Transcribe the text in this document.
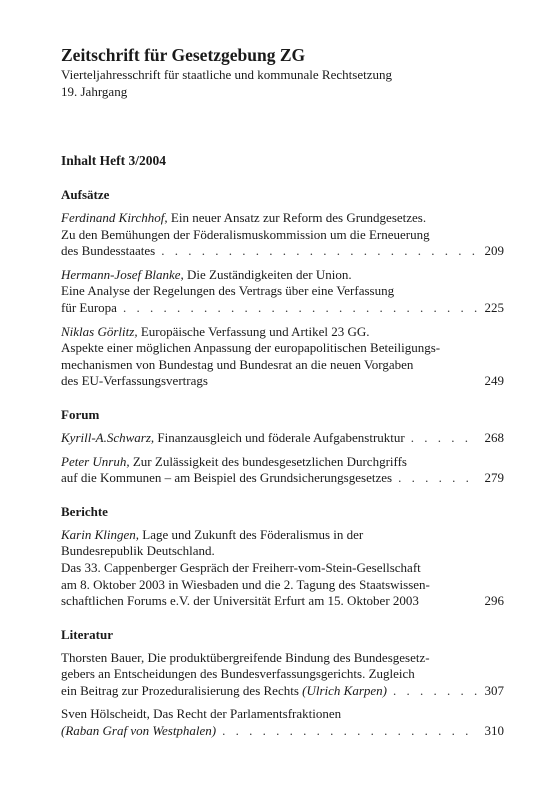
Zeitschrift für Gesetzgebung ZG
Vierteljahresschrift für staatliche und kommunale Rechtsetzung
19. Jahrgang
Inhalt Heft 3/2004
Aufsätze
Ferdinand Kirchhof, Ein neuer Ansatz zur Reform des Grundgesetzes.
Zu den Bemühungen der Föderalismuskommission um die Erneuerung
des Bundesstaates . . .	209
Hermann-Josef Blanke, Die Zuständigkeiten der Union.
Eine Analyse der Regelungen des Vertrags über eine Verfassung
für Europa . . .	225
Niklas Görlitz, Europäische Verfassung und Artikel 23 GG.
Aspekte einer möglichen Anpassung der europapolitischen Beteiligungs-
mechanismen von Bundestag und Bundesrat an die neuen Vorgaben
des EU-Verfassungsvertrags	249
Forum
Kyrill-A.Schwarz, Finanzausgleich und föderale Aufgabenstruktur . . .	268
Peter Unruh, Zur Zulässigkeit des bundesgesetzlichen Durchgriffs
auf die Kommunen – am Beispiel des Grundsicherungsgesetzes . . .	279
Berichte
Karin Klingen, Lage und Zukunft des Föderalismus in der
Bundesrepublik Deutschland.
Das 33. Cappenberger Gespräch der Freiherr-vom-Stein-Gesellschaft
am 8. Oktober 2003 in Wiesbaden und die 2. Tagung des Staatswissen-
schaftlichen Forums e.V. der Universität Erfurt am 15. Oktober 2003	296
Literatur
Thorsten Bauer, Die produktübergreifende Bindung des Bundesgesetz-
gebers an Entscheidungen des Bundesverfassungsgerichts. Zugleich
ein Beitrag zur Prozeduralisierung des Rechts (Ulrich Karpen) . . .	307
Sven Hölscheidt, Das Recht der Parlamentsfraktionen
(Raban Graf von Westphalen) . . .	310
